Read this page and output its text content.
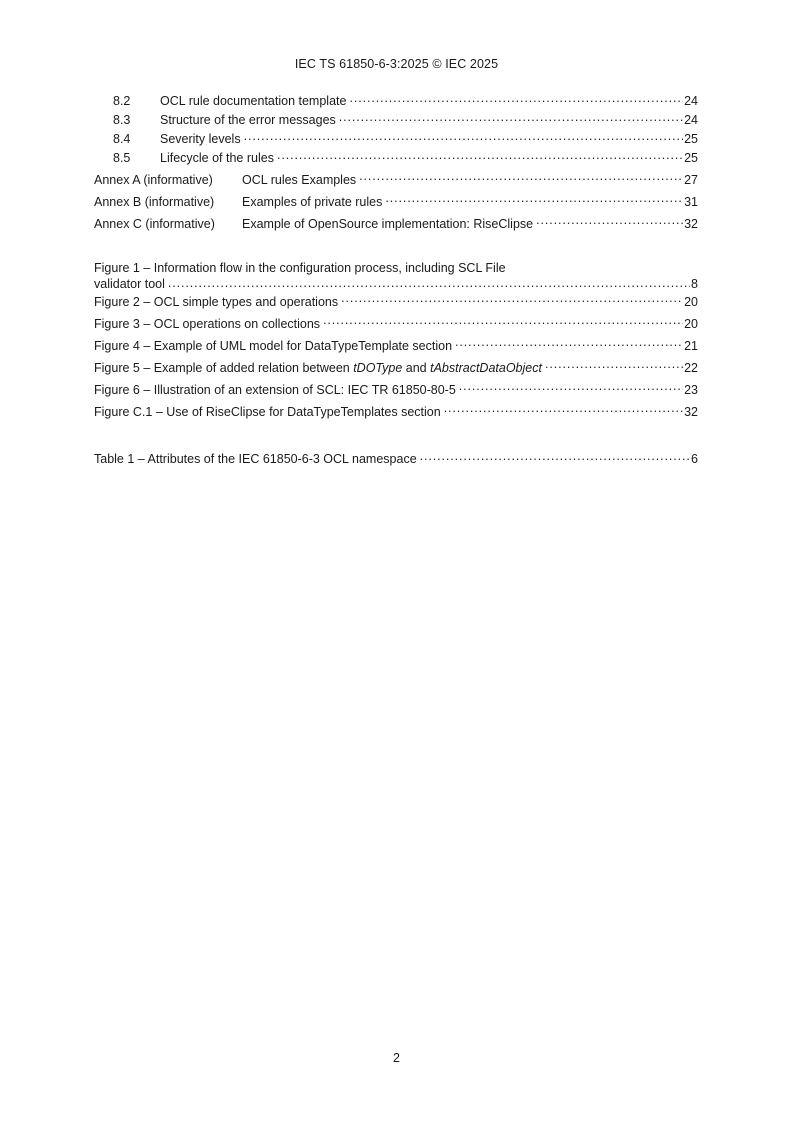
IEC TS 61850-6-3:2025 © IEC 2025
8.2	OCL rule documentation template .....	24
8.3	Structure of the error messages .....	24
8.4	Severity levels .....	25
8.5	Lifecycle of the rules .....	25
Annex A (informative)	OCL rules Examples .....	27
Annex B (informative)	Examples of private rules .....	31
Annex C (informative)	Example of OpenSource implementation: RiseClipse .....	32
Figure 1 – Information flow in the configuration process, including SCL File
validator tool .....	8
Figure 2 – OCL simple types and operations .....	20
Figure 3 – OCL operations on collections .....	20
Figure 4 – Example of UML model for DataTypeTemplate section .....	21
Figure 5 – Example of added relation between tDOType and tAbstractDataObject .....	22
Figure 6 – Illustration of an extension of SCL: IEC TR 61850-80-5 .....	23
Figure C.1 – Use of RiseClipse for DataTypeTemplates section .....	32
Table 1 – Attributes of the IEC 61850-6-3 OCL namespace .....	6
2
